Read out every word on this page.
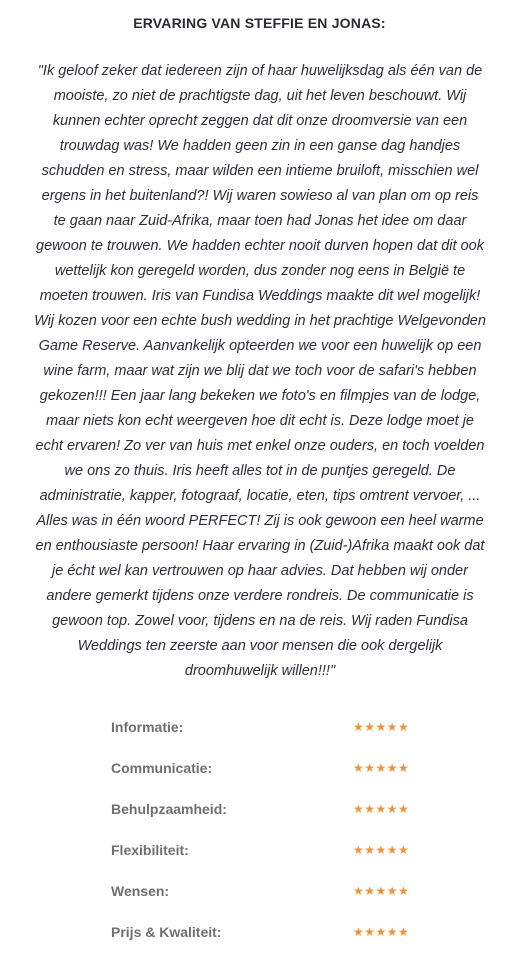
ERVARING VAN STEFFIE EN JONAS:
"Ik geloof zeker dat iedereen zijn of haar huwelijksdag als één van de mooiste, zo niet de prachtigste dag, uit het leven beschouwt. Wij kunnen echter oprecht zeggen dat dit onze droomversie van een trouwdag was! We hadden geen zin in een ganse dag handjes schudden en stress, maar wilden een intieme bruiloft, misschien wel ergens in het buitenland?! Wij waren sowieso al van plan om op reis te gaan naar Zuid-Afrika, maar toen had Jonas het idee om daar gewoon te trouwen. We hadden echter nooit durven hopen dat dit ook wettelijk kon geregeld worden, dus zonder nog eens in België te moeten trouwen. Iris van Fundisa Weddings maakte dit wel mogelijk! Wij kozen voor een echte bush wedding in het prachtige Welgevonden Game Reserve. Aanvankelijk opteerden we voor een huwelijk op een wine farm, maar wat zijn we blij dat we toch voor de safari's hebben gekozen!!! Een jaar lang bekeken we foto's en filmpjes van de lodge, maar niets kon echt weergeven hoe dit echt is. Deze lodge moet je echt ervaren! Zo ver van huis met enkel onze ouders, en toch voelden we ons zo thuis. Iris heeft alles tot in de puntjes geregeld. De administratie, kapper, fotograaf, locatie, eten, tips omtrent vervoer, ... Alles was in één woord PERFECT! Zij is ook gewoon een heel warme en enthousiaste persoon! Haar ervaring in (Zuid-)Afrika maakt ook dat je écht wel kan vertrouwen op haar advies. Dat hebben wij onder andere gemerkt tijdens onze verdere rondreis. De communicatie is gewoon top. Zowel voor, tijdens en na de reis. Wij raden Fundisa Weddings ten zeerste aan voor mensen die ook dergelijk droomhuwelijk willen!!!"
Informatie:	★★★★★
Communicatie:	★★★★★
Behulpzaamheid:	★★★★★
Flexibiliteit:	★★★★★
Wensen:	★★★★★
Prijs & Kwaliteit:	★★★★★
